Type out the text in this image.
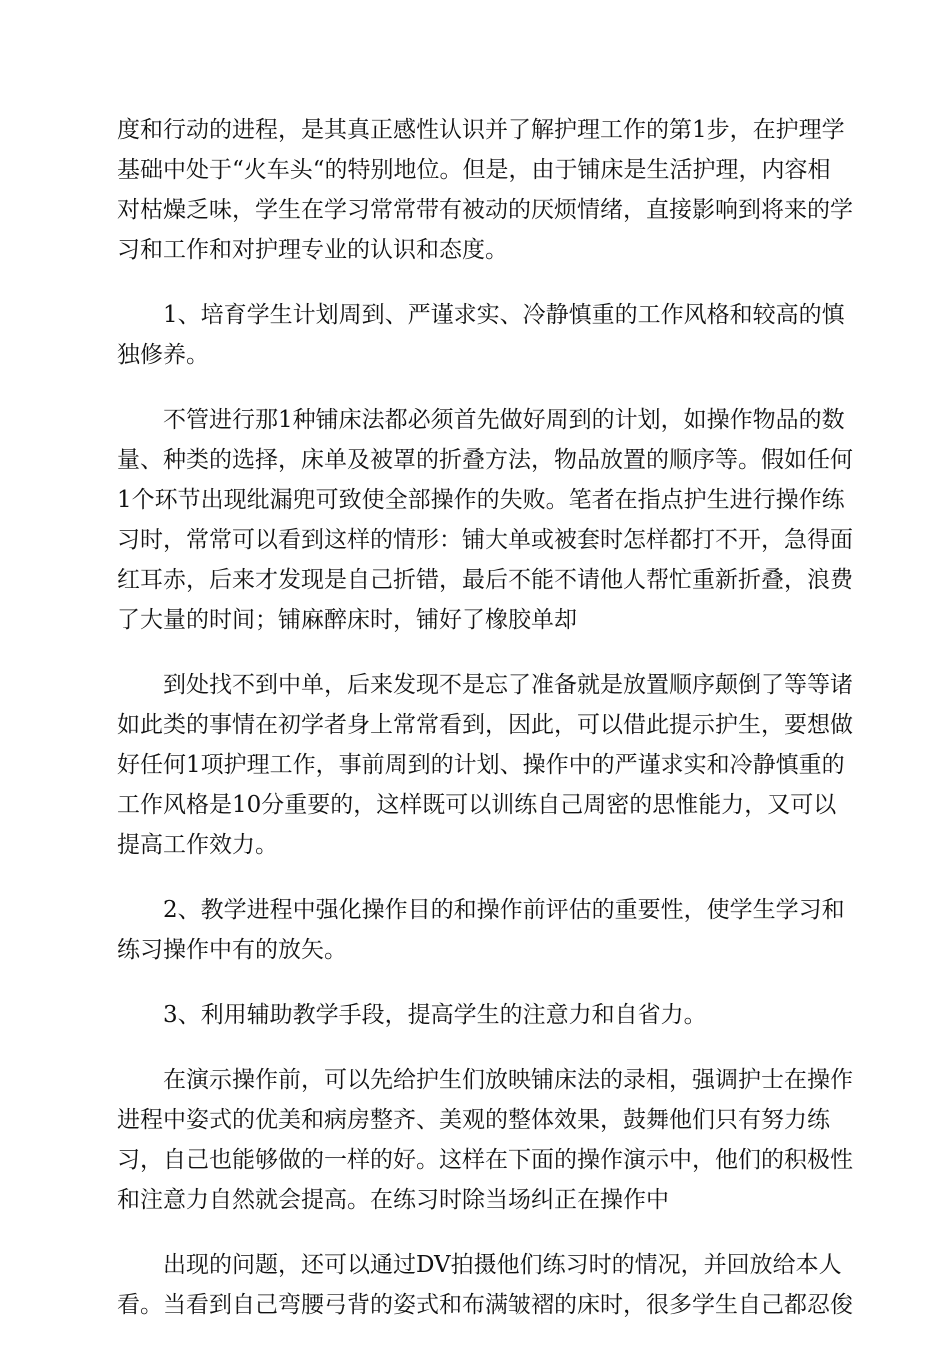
度和行动的进程，是其真正感性认识并了解护理工作的第1步，在护理学
基础中处于“火车头“的特别地位。但是，由于铺床是生活护理，内容相
对枯燥乏味，学生在学习常常带有被动的厌烦情绪，直接影响到将来的学
习和工作和对护理专业的认识和态度。

1、培育学生计划周到、严谨求实、冷静慎重的工作风格和较高的慎
独修养。

不管进行那1种铺床法都必须首先做好周到的计划，如操作物品的数
量、种类的选择，床单及被罩的折叠方法，物品放置的顺序等。假如任何
1个环节出现纰漏兜可致使全部操作的失败。笔者在指点护生进行操作练
习时，常常可以看到这样的情形：铺大单或被套时怎样都打不开，急得面
红耳赤，后来才发现是自己折错，最后不能不请他人帮忙重新折叠，浪费
了大量的时间；铺麻醉床时，铺好了橡胶单却

到处找不到中单，后来发现不是忘了准备就是放置顺序颠倒了等等诸
如此类的事情在初学者身上常常看到，因此，可以借此提示护生，要想做
好任何1项护理工作，事前周到的计划、操作中的严谨求实和冷静慎重的
工作风格是10分重要的，这样既可以训练自己周密的思惟能力，又可以
提高工作效力。

2、教学进程中强化操作目的和操作前评估的重要性，使学生学习和
练习操作中有的放矢。

3、利用辅助教学手段，提高学生的注意力和自省力。

在演示操作前，可以先给护生们放映铺床法的录相，强调护士在操作
进程中姿式的优美和病房整齐、美观的整体效果，鼓舞他们只有努力练
习，自己也能够做的一样的好。这样在下面的操作演示中，他们的积极性
和注意力自然就会提高。在练习时除当场纠正在操作中

出现的问题，还可以通过DV拍摄他们练习时的情况，并回放给本人
看。当看到自己弯腰弓背的姿式和布满皱褶的床时，很多学生自己都忍俊
